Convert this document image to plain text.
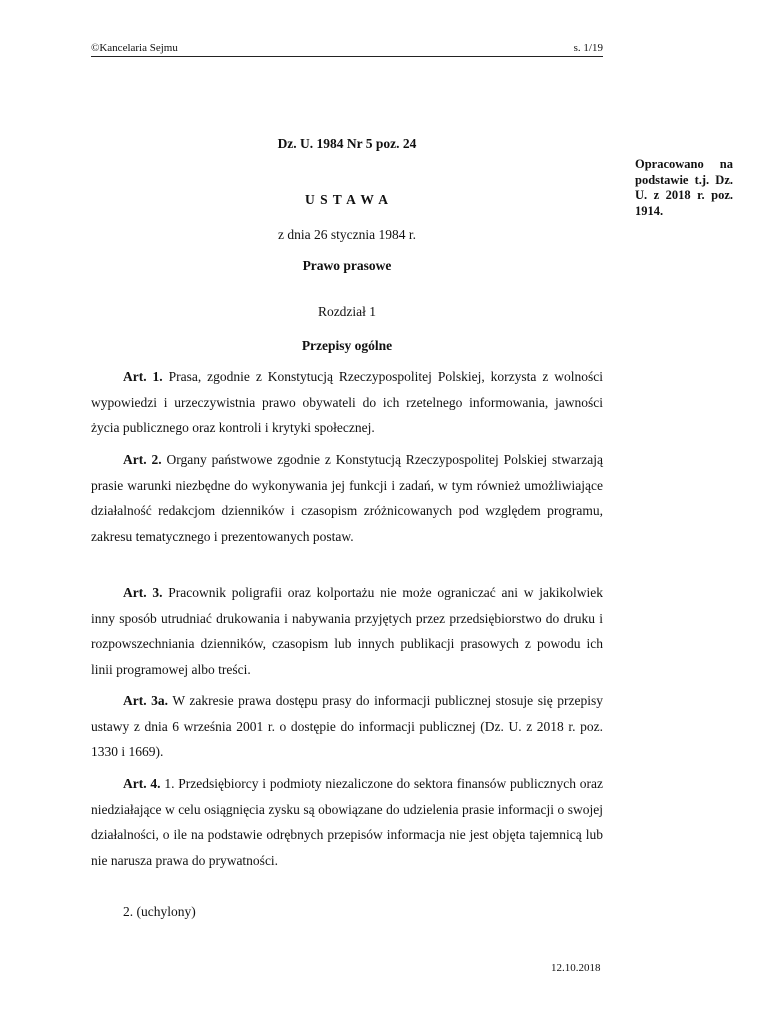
©Kancelaria Sejmu	s. 1/19
Opracowano na podstawie t.j. Dz. U. z 2018 r. poz. 1914.
Dz. U. 1984 Nr 5 poz. 24
U S T A W A
z dnia 26 stycznia 1984 r.
Prawo prasowe
Rozdział 1
Przepisy ogólne
Art. 1. Prasa, zgodnie z Konstytucją Rzeczypospolitej Polskiej, korzysta z wolności wypowiedzi i urzeczywistnia prawo obywateli do ich rzetelnego informowania, jawności życia publicznego oraz kontroli i krytyki społecznej.
Art. 2. Organy państwowe zgodnie z Konstytucją Rzeczypospolitej Polskiej stwarzają prasie warunki niezbędne do wykonywania jej funkcji i zadań, w tym również umożliwiające działalność redakcjom dzienników i czasopism zróżnicowanych pod względem programu, zakresu tematycznego i prezentowanych postaw.
Art. 3. Pracownik poligrafii oraz kolportażu nie może ograniczać ani w jakikolwiek inny sposób utrudniać drukowania i nabywania przyjętych przez przedsiębiorstwo do druku i rozpowszechniania dzienników, czasopism lub innych publikacji prasowych z powodu ich linii programowej albo treści.
Art. 3a. W zakresie prawa dostępu prasy do informacji publicznej stosuje się przepisy ustawy z dnia 6 września 2001 r. o dostępie do informacji publicznej (Dz. U. z 2018 r. poz. 1330 i 1669).
Art. 4. 1. Przedsiębiorcy i podmioty niezaliczone do sektora finansów publicznych oraz niedziałające w celu osiągnięcia zysku są obowiązane do udzielenia prasie informacji o swojej działalności, o ile na podstawie odrębnych przepisów informacja nie jest objęta tajemnicą lub nie narusza prawa do prywatności.
2. (uchylony)
12.10.2018
